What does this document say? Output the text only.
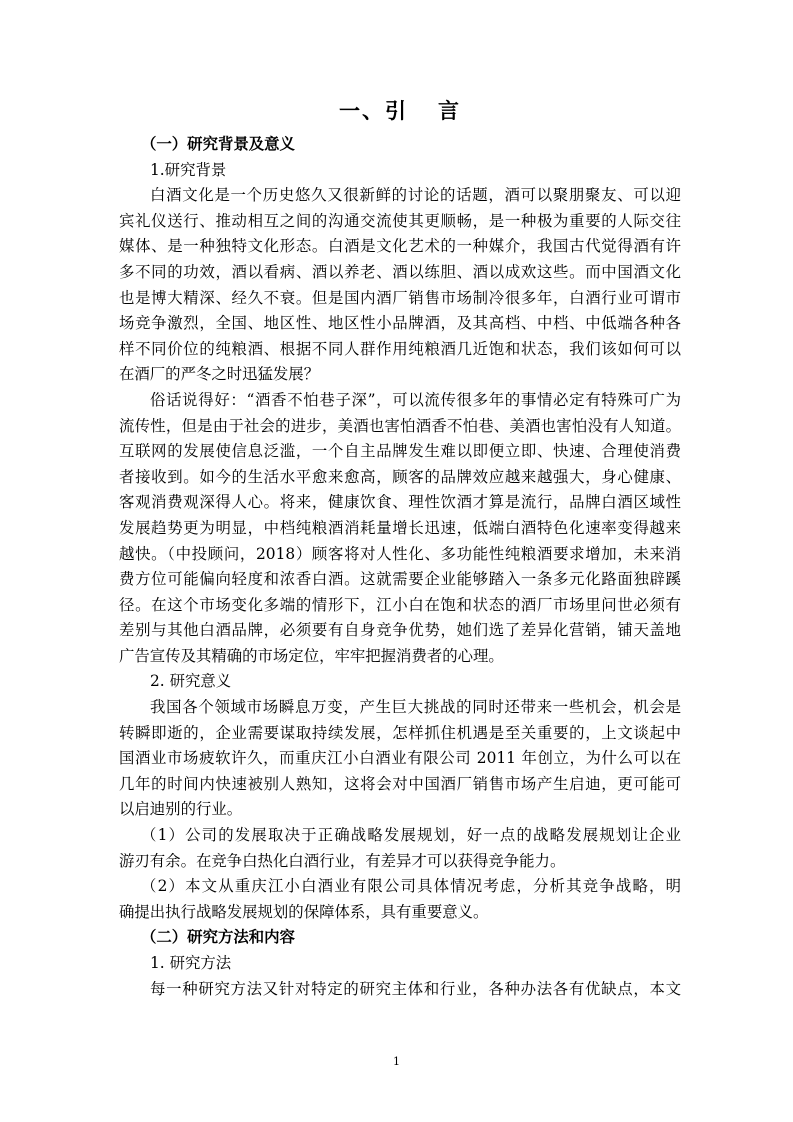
一、引 言
（一）研究背景及意义
1.研究背景
白酒文化是一个历史悠久又很新鲜的讨论的话题，酒可以聚朋聚友、可以迎
宾礼仪送行、推动相互之间的沟通交流使其更顺畅，是一种极为重要的人际交往
媒体、是一种独特文化形态。白酒是文化艺术的一种媒介，我国古代觉得酒有许
多不同的功效，酒以看病、酒以养老、酒以练胆、酒以成欢这些。而中国酒文化
也是博大精深、经久不衰。但是国内酒厂销售市场制冷很多年，白酒行业可谓市
场竞争激烈，全国、地区性、地区性小品牌酒，及其高档、中档、中低端各种各
样不同价位的纯粮酒、根据不同人群作用纯粮酒几近饱和状态，我们该如何可以
在酒厂的严冬之时迅猛发展？
俗话说得好：“酒香不怕巷子深”，可以流传很多年的事情必定有特殊可广为
流传性，但是由于社会的进步，美酒也害怕酒香不怕巷、美酒也害怕没有人知道。
互联网的发展使信息泛滥，一个自主品牌发生难以即便立即、快速、合理使消费
者接收到。如今的生活水平愈来愈高，顾客的品牌效应越来越强大，身心健康、
客观消费观深得人心。将来，健康饮食、理性饮酒才算是流行，品牌白酒区域性
发展趋势更为明显，中档纯粮酒消耗量增长迅速，低端白酒特色化速率变得越来
越快。（中投顾问，2018）顾客将对人性化、多功能性纯粮酒要求增加，未来消
费方位可能偏向轻度和浓香白酒。这就需要企业能够踏入一条多元化路面独辟蹊
径。在这个市场变化多端的情形下，江小白在饱和状态的酒厂市场里问世必须有
差别与其他白酒品牌，必须要有自身竞争优势，她们选了差异化营销，铺天盖地
广告宣传及其精确的市场定位，牢牢把握消费者的心理。
2. 研究意义
我国各个领域市场瞬息万变，产生巨大挑战的同时还带来一些机会，机会是
转瞬即逝的，企业需要谋取持续发展，怎样抓住机遇是至关重要的，上文谈起中
国酒业市场疲软许久，而重庆江小白酒业有限公司 2011 年创立，为什么可以在
几年的时间内快速被别人熟知，这将会对中国酒厂销售市场产生启迪，更可能可
以启迪别的行业。
（1）公司的发展取决于正确战略发展规划，好一点的战略发展规划让企业
游刃有余。在竞争白热化白酒行业，有差异才可以获得竞争能力。
（2）本文从重庆江小白酒业有限公司具体情况考虑，分析其竞争战略，明
确提出执行战略发展规划的保障体系，具有重要意义。
（二）研究方法和内容
1. 研究方法
每一种研究方法又针对特定的研究主体和行业，各种办法各有优缺点，本文
1
